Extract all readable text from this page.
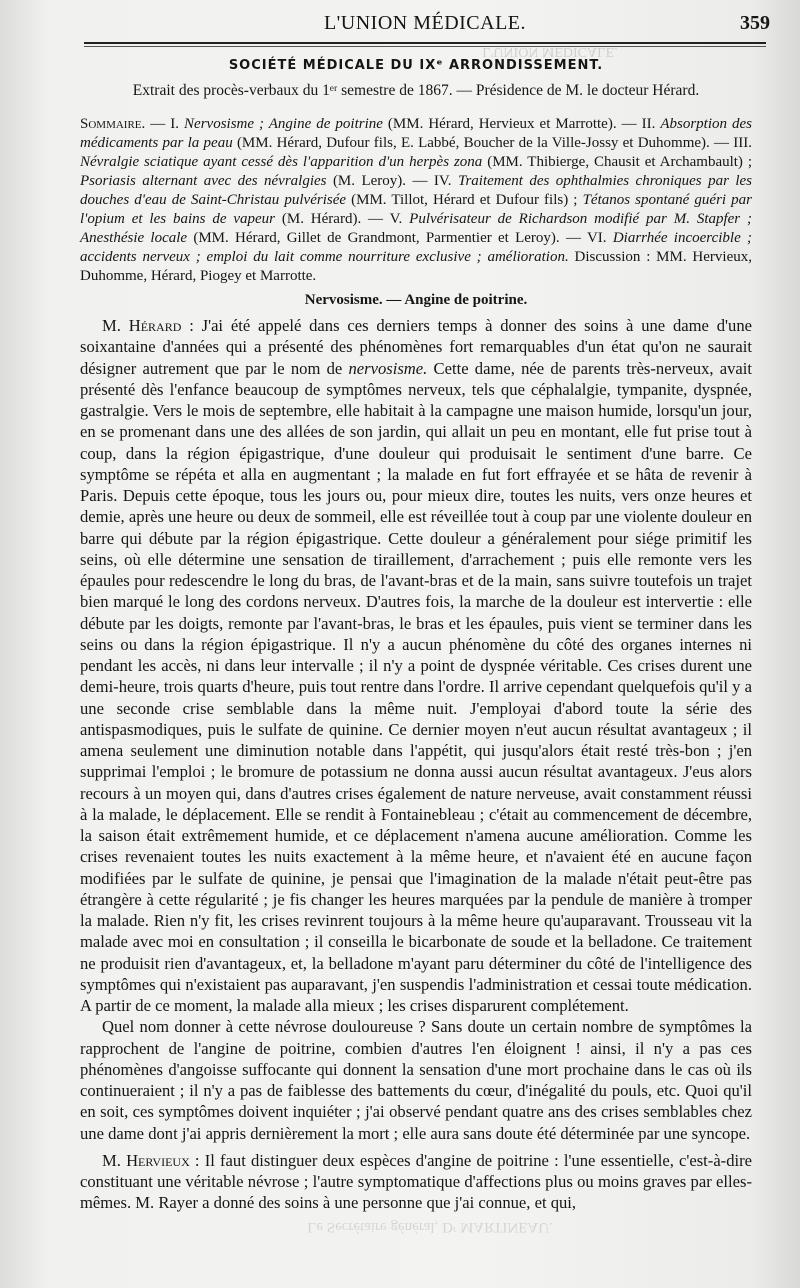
L'UNION MÉDICALE.
L'UNION MÉDICALE.	359
SOCIÉTÉ MÉDICALE DU IXᵉ ARRONDISSEMENT.
Extrait des procès-verbaux du 1ᵉʳ semestre de 1867. — Présidence de M. le docteur Hérard.

Sommaire. — I. Nervosisme ; Angine de poitrine (MM. Hérard, Hervieux et Marrotte). — II. Absorption des médicaments par la peau (MM. Hérard, Dufour fils, E. Labbé, Boucher de la Ville-Jossy et Duhomme). — III. Névralgie sciatique ayant cessé dès l'apparition d'un herpès zona (MM. Thibierge, Chausit et Archambault) ; Psoriasis alternant avec des névralgies (M. Leroy). — IV. Traitement des ophthalmies chroniques par les douches d'eau de Saint-Christau pulvérisée (MM. Tillot, Hérard et Dufour fils) ; Tétanos spontané guéri par l'opium et les bains de vapeur (M. Hérard). — V. Pulvérisateur de Richardson modifié par M. Stapfer ; Anesthésie locale (MM. Hérard, Gillet de Grandmont, Parmentier et Leroy). — VI. Diarrhée incoercible ; accidents nerveux ; emploi du lait comme nourriture exclusive ; amélioration. Discussion : MM. Hervieux, Duhomme, Hérard, Piogey et Marrotte.

Nervosisme. — Angine de poitrine.

M. Hérard : J'ai été appelé dans ces derniers temps à donner des soins à une dame d'une soixantaine d'années qui a présenté des phénomènes fort remarquables d'un état qu'on ne saurait désigner autrement que par le nom de nervosisme. Cette dame, née de parents très-nerveux, avait présenté dès l'enfance beaucoup de symptômes nerveux, tels que céphalalgie, tympanite, dyspnée, gastralgie. Vers le mois de septembre, elle habitait à la campagne une maison humide, lorsqu'un jour, en se promenant dans une des allées de son jardin, qui allait un peu en montant, elle fut prise tout à coup, dans la région épigastrique, d'une douleur qui produisait le sentiment d'une barre. Ce symptôme se répéta et alla en augmentant ; la malade en fut fort effrayée et se hâta de revenir à Paris. Depuis cette époque, tous les jours ou, pour mieux dire, toutes les nuits, vers onze heures et demie, après une heure ou deux de sommeil, elle est réveillée tout à coup par une violente douleur en barre qui débute par la région épigastrique. Cette douleur a généralement pour siége primitif les seins, où elle détermine une sensation de tiraillement, d'arrachement ; puis elle remonte vers les épaules pour redescendre le long du bras, de l'avant-bras et de la main, sans suivre toutefois un trajet bien marqué le long des cordons nerveux. D'autres fois, la marche de la douleur est intervertie : elle débute par les doigts, remonte par l'avant-bras, le bras et les épaules, puis vient se terminer dans les seins ou dans la région épigastrique. Il n'y a aucun phénomène du côté des organes internes ni pendant les accès, ni dans leur intervalle ; il n'y a point de dyspnée véritable. Ces crises durent une demi-heure, trois quarts d'heure, puis tout rentre dans l'ordre. Il arrive cependant quelquefois qu'il y a une seconde crise semblable dans la même nuit. J'employai d'abord toute la série des antispasmodiques, puis le sulfate de quinine. Ce dernier moyen n'eut aucun résultat avantageux ; il amena seulement une diminution notable dans l'appétit, qui jusqu'alors était resté très-bon ; j'en supprimai l'emploi ; le bromure de potassium ne donna aussi aucun résultat avantageux. J'eus alors recours à un moyen qui, dans d'autres crises également de nature nerveuse, avait constamment réussi à la malade, le déplacement. Elle se rendit à Fontainebleau ; c'était au commencement de décembre, la saison était extrêmement humide, et ce déplacement n'amena aucune amélioration. Comme les crises revenaient toutes les nuits exactement à la même heure, et n'avaient été en aucune façon modifiées par le sulfate de quinine, je pensai que l'imagination de la malade n'était peut-être pas étrangère à cette régularité ; je fis changer les heures marquées par la pendule de manière à tromper la malade. Rien n'y fit, les crises revinrent toujours à la même heure qu'auparavant. Trousseau vit la malade avec moi en consultation ; il conseilla le bicarbonate de soude et la belladone. Ce traitement ne produisit rien d'avantageux, et, la belladone m'ayant paru déterminer du côté de l'intelligence des symptômes qui n'existaient pas auparavant, j'en suspendis l'administration et cessai toute médication. A partir de ce moment, la malade alla mieux ; les crises disparurent complétement.

Quel nom donner à cette névrose douloureuse ? Sans doute un certain nombre de symptômes la rapprochent de l'angine de poitrine, combien d'autres l'en éloignent ! ainsi, il n'y a pas ces phénomènes d'angoisse suffocante qui donnent la sensation d'une mort prochaine dans le cas où ils continueraient ; il n'y a pas de faiblesse des battements du cœur, d'inégalité du pouls, etc. Quoi qu'il en soit, ces symptômes doivent inquiéter ; j'ai observé pendant quatre ans des crises semblables chez une dame dont j'ai appris dernièrement la mort ; elle aura sans doute été déterminée par une syncope.

M. Hervieux : Il faut distinguer deux espèces d'angine de poitrine : l'une essentielle, c'est-à-dire constituant une véritable névrose ; l'autre symptomatique d'affections plus ou moins graves par elles-mêmes. M. Rayer a donné des soins à une personne que j'ai connue, et qui,

Le Secrétaire général, Dʳ MARTINEAU.
